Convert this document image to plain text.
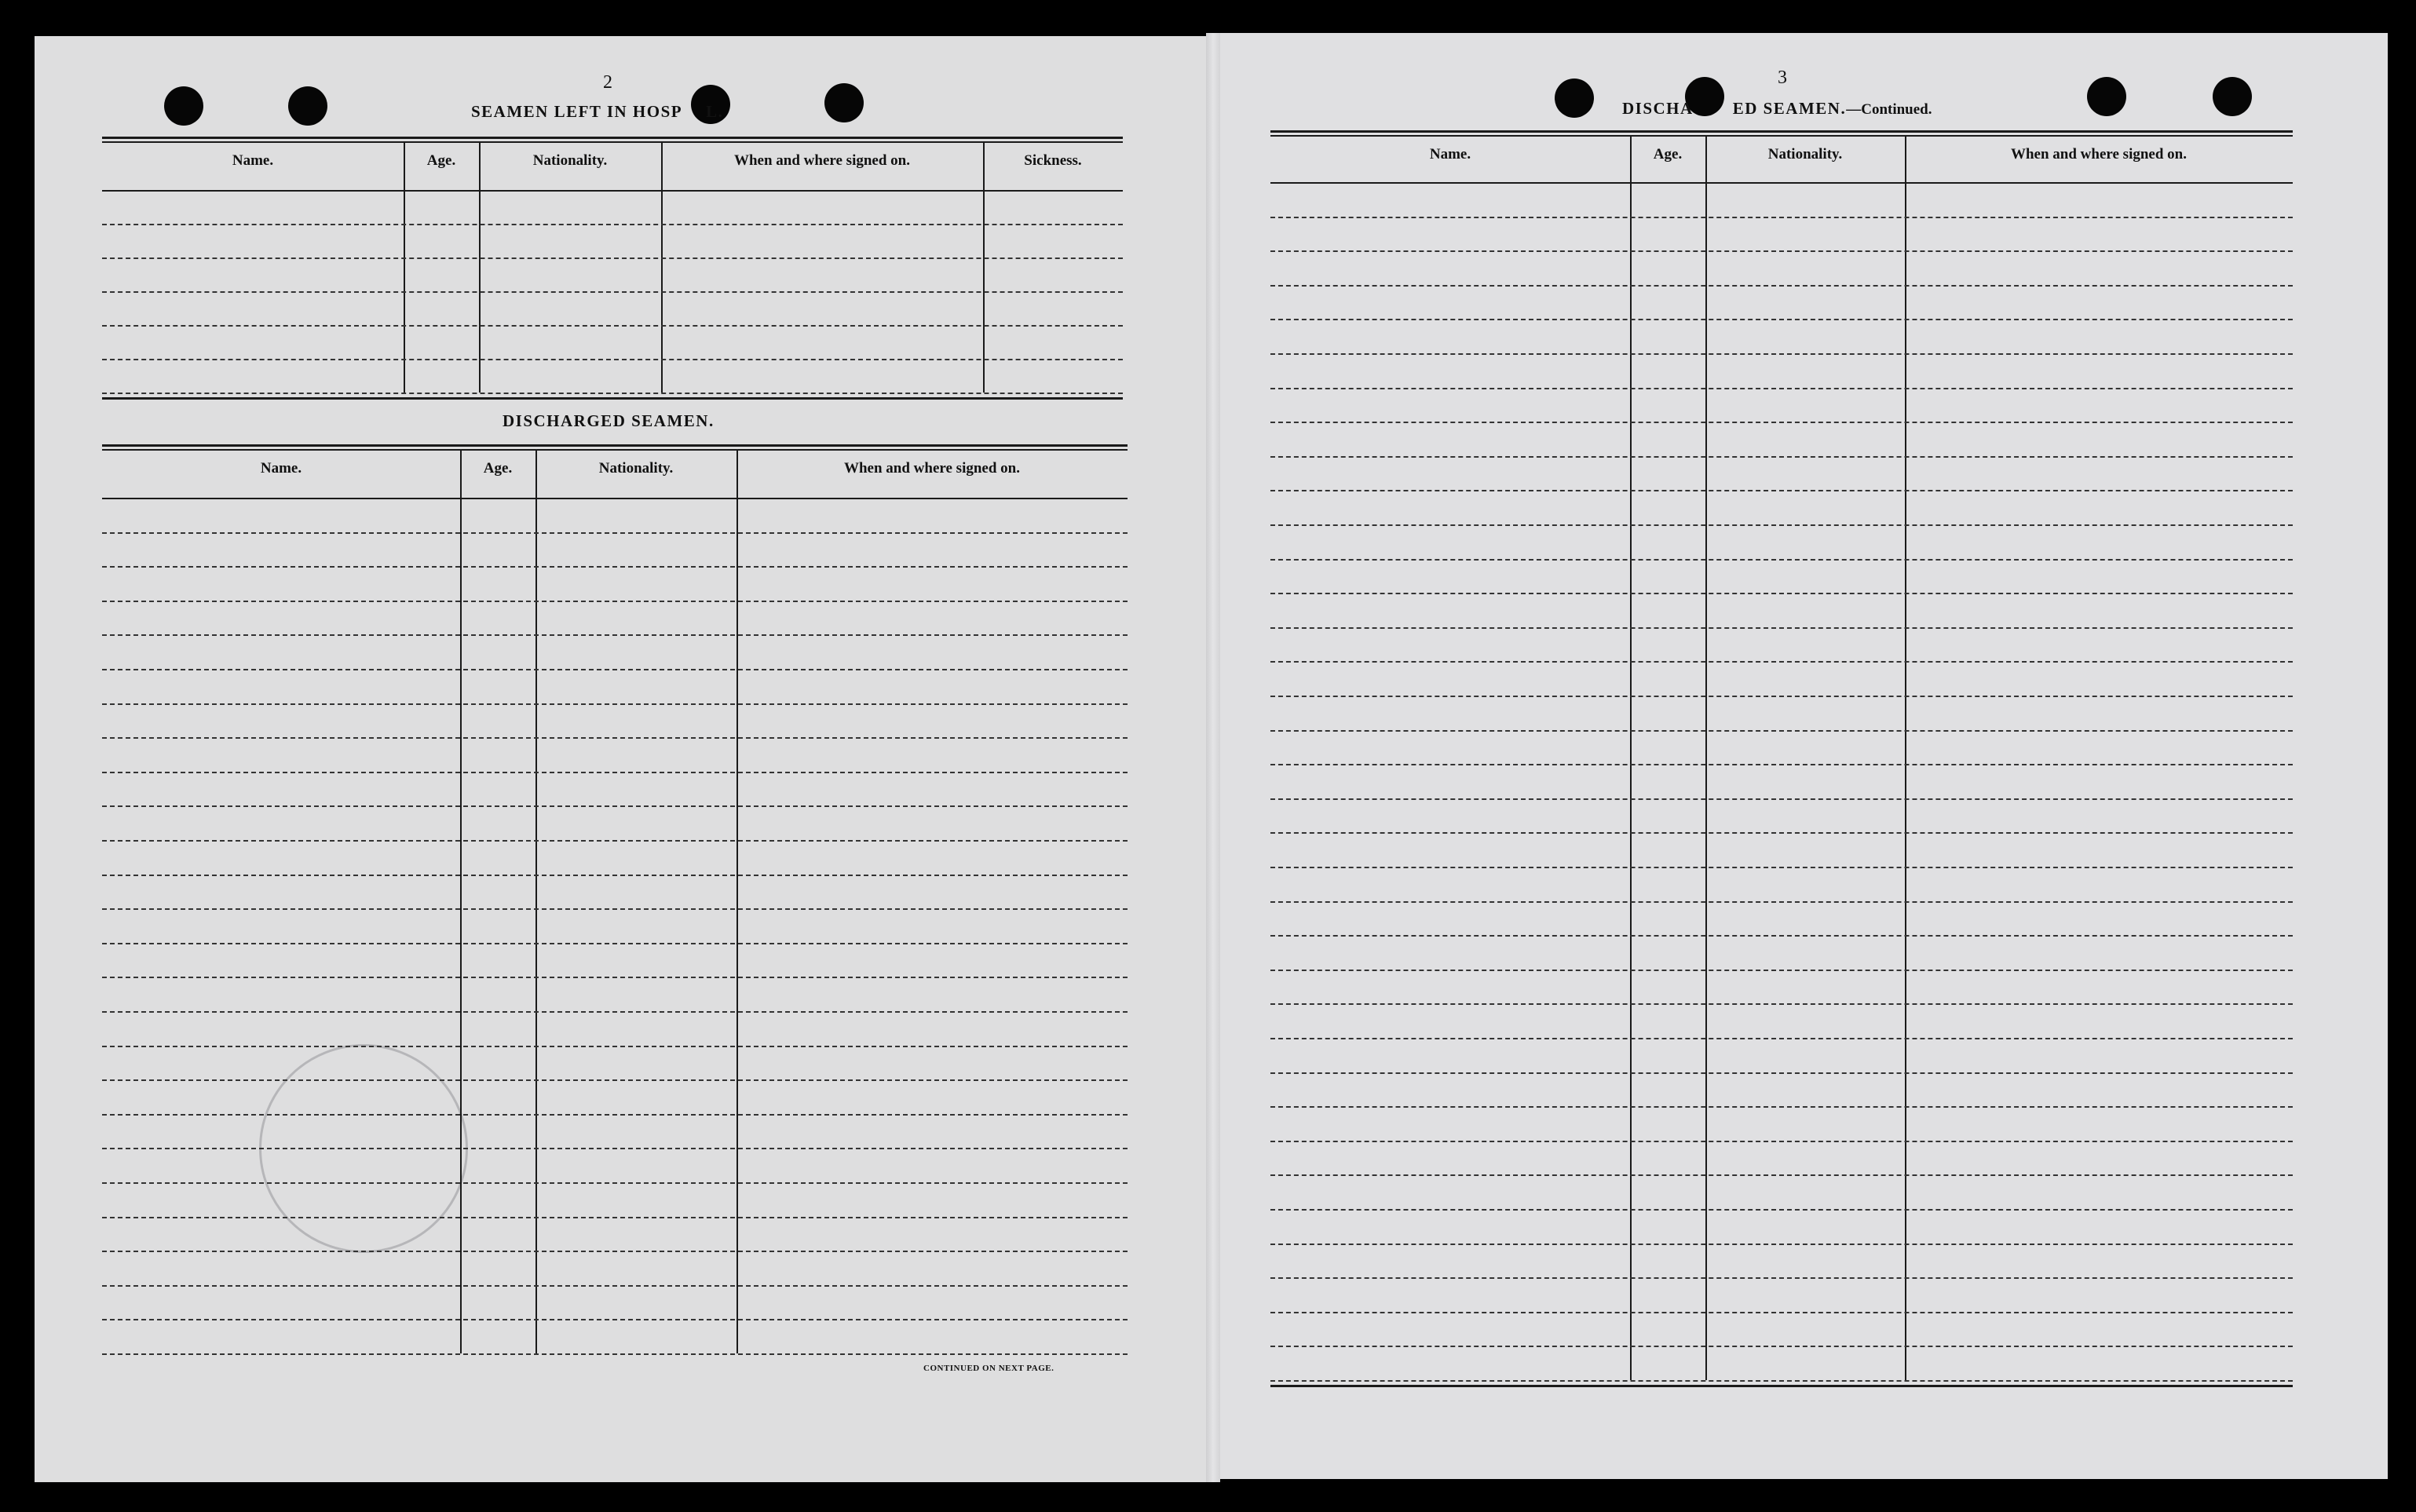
2
SEAMEN LEFT IN HOSP L.
Name.	Age.	Nationality.	When and where signed on.	Sickness.
DISCHARGED SEAMEN.
Name.	Age.	Nationality.	When and where signed on.
CONTINUED ON NEXT PAGE.
3
DISCHA ED SEAMEN.—Continued.
Name.	Age.	Nationality.	When and where signed on.
